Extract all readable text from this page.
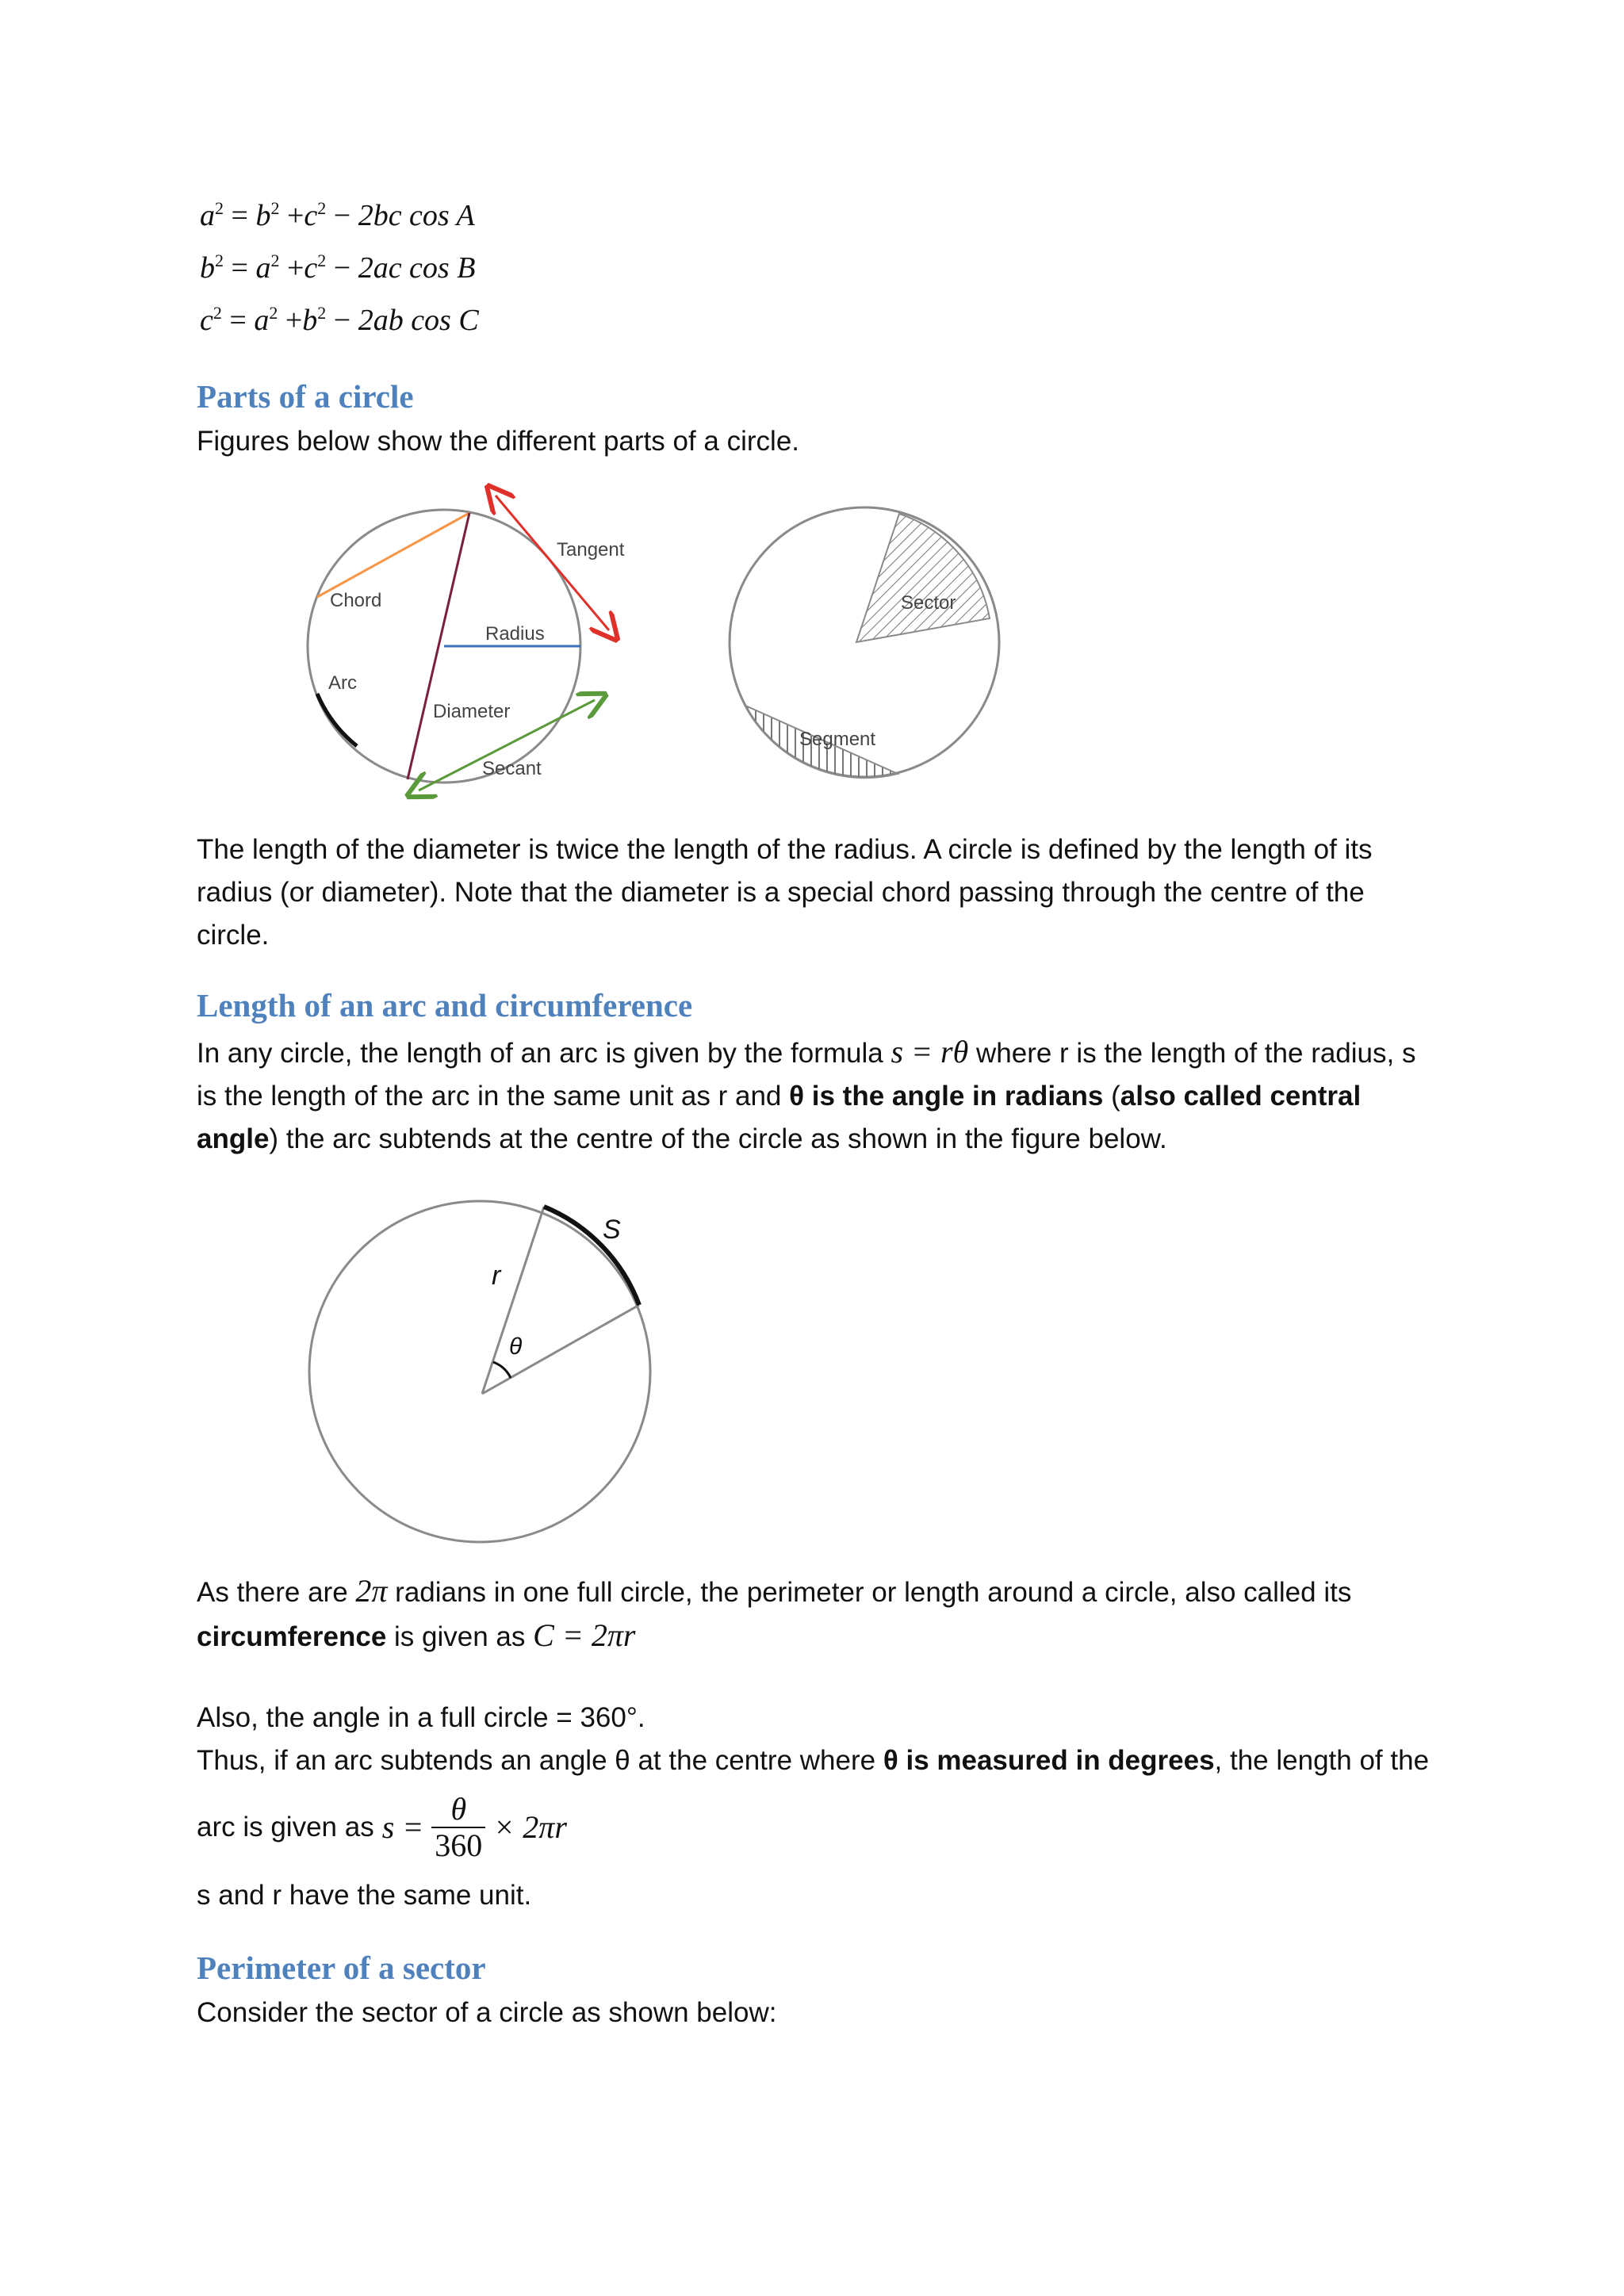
$a^2 = b^2 +c^2 - 2bc$ cos A
$b^2 = a^2 +c^2 - 2ac$ cos B
$c^2 = a^2 +b^2 - 2ab$ cos C
Parts of a circle

Figures below show the different parts of a circle.

Chord
Tangent
Radius
Arc
Diameter
Secant
Sector
Segment

The length of the diameter is twice the length of the radius. A circle is defined by the length of its radius (or diameter). Note that the diameter is a special chord passing through the centre of the circle.

Length of an arc and circumference

In any circle, the length of an arc is given by the formula s = rθ where r is the length of the radius, s is the length of the arc in the same unit as r and θ is the angle in radians (also called central angle) the arc subtends at the centre of the circle as shown in the figure below.

S
r
θ

As there are 2π radians in one full circle, the perimeter or length around a circle, also called its circumference is given as C = 2πr

Also, the angle in a full circle = 360°.

Thus, if an arc subtends an angle θ at the centre where θ is measured in degrees, the length of the

arc is given as $s = \frac{\theta}{360} \times 2\pi r$

s and r have the same unit.

Perimeter of a sector

Consider the sector of a circle as shown below:
